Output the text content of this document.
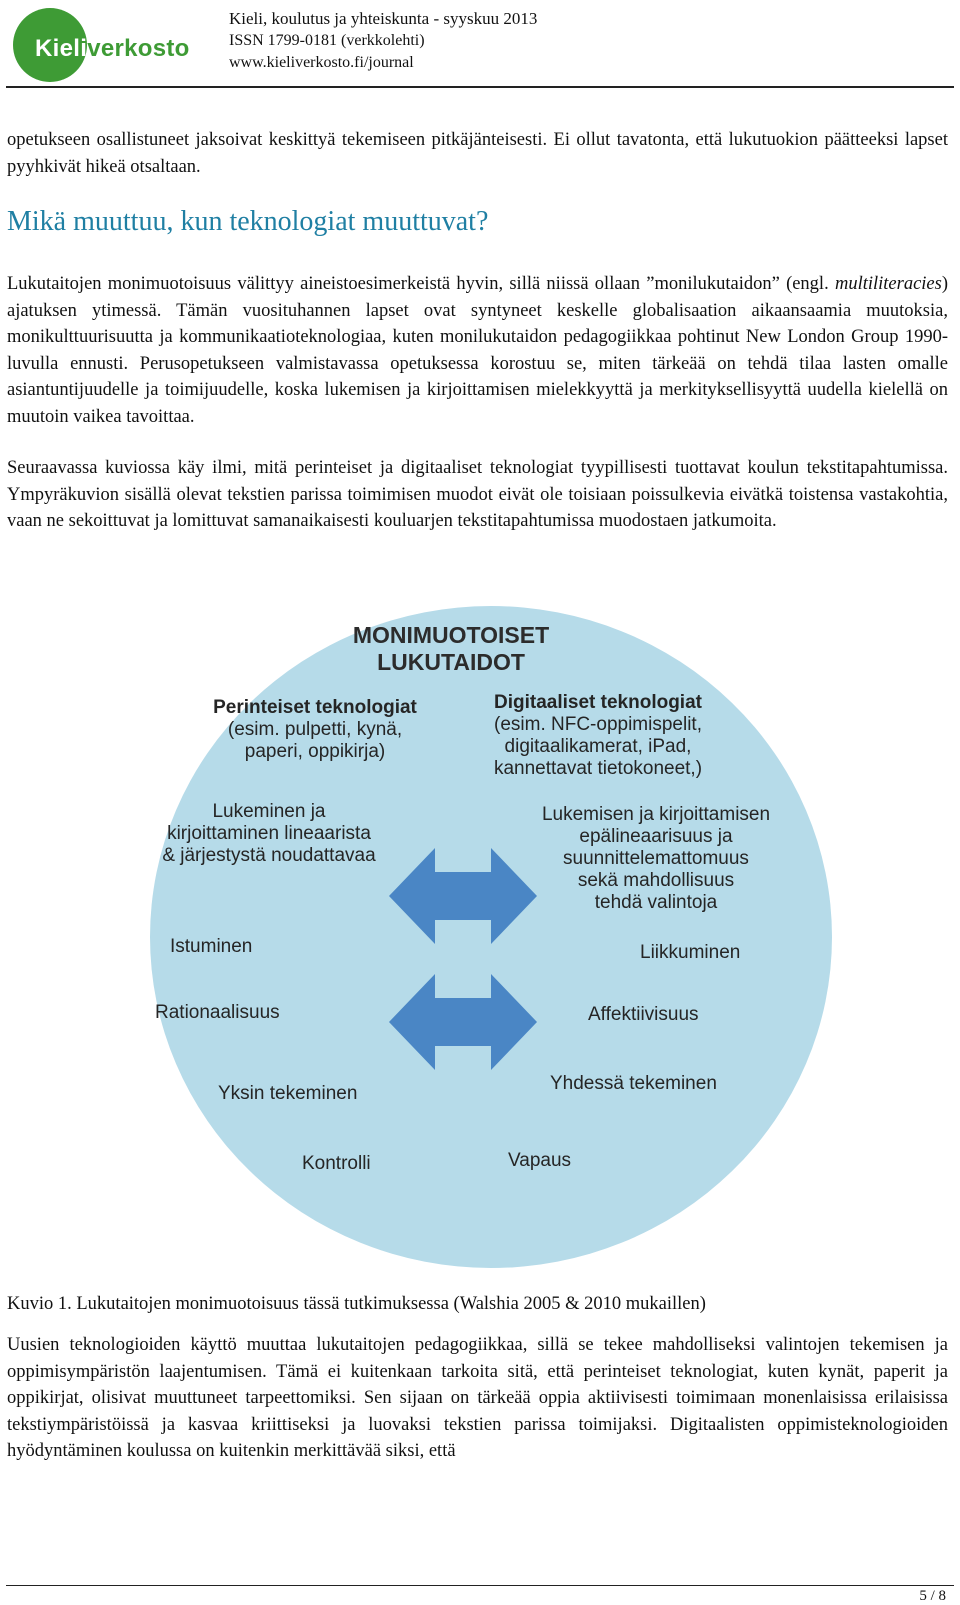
Kieliverkosto
Kieli, koulutus ja yhteiskunta - syyskuu 2013
ISSN 1799-0181 (verkkolehti)
www.kieliverkosto.fi/journal

opetukseen osallistuneet jaksoivat keskittyä tekemiseen pitkäjänteisesti. Ei ollut tavatonta, että lukutuokion päätteeksi lapset pyyhkivät hikeä otsaltaan.

Mikä muuttuu, kun teknologiat muuttuvat?

Lukutaitojen monimuotoisuus välittyy aineistoesimerkeistä hyvin, sillä niissä ollaan ”monilukutaidon” (engl. multiliteracies) ajatuksen ytimessä. Tämän vuosituhannen lapset ovat syntyneet keskelle globalisaation aikaansaamia muutoksia, monikulttuurisuutta ja kommunikaatioteknologiaa, kuten monilukutaidon pedagogiikkaa pohtinut New London Group 1990-luvulla ennusti. Perusopetukseen valmistavassa opetuksessa korostuu se, miten tärkeää on tehdä tilaa lasten omalle asiantuntijuudelle ja toimijuudelle, koska lukemisen ja kirjoittamisen mielekkyyttä ja merkityksellisyyttä uudella kielellä on muutoin vaikea tavoittaa.

Seuraavassa kuviossa käy ilmi, mitä perinteiset ja digitaaliset teknologiat tyypillisesti tuottavat koulun tekstitapahtumissa. Ympyräkuvion sisällä olevat tekstien parissa toimimisen muodot eivät ole toisiaan poissulkevia eivätkä toistensa vastakohtia, vaan ne sekoittuvat ja lomittuvat samanaikaisesti kouluarjen tekstitapahtumissa muodostaen jatkumoita.

MONIMUOTOISET
LUKUTAIDOT
Perinteiset teknologiat
(esim. pulpetti, kynä,
paperi, oppikirja)
Digitaaliset teknologiat
(esim. NFC-oppimispelit,
digitaalikamerat, iPad,
kannettavat tietokoneet,)
Lukeminen ja
kirjoittaminen lineaarista
& järjestystä noudattavaa
Lukemisen ja kirjoittamisen
epälineaarisuus ja
suunnittelemattomuus
sekä mahdollisuus
tehdä valintoja
Istuminen	Liikkuminen
Rationaalisuus	Affektiivisuus
Yksin tekeminen	Yhdessä tekeminen
Kontrolli	Vapaus
Kuvio 1. Lukutaitojen monimuotoisuus tässä tutkimuksessa (Walshia 2005 & 2010 mukaillen)

Uusien teknologioiden käyttö muuttaa lukutaitojen pedagogiikkaa, sillä se tekee mahdolliseksi valintojen tekemisen ja oppimisympäristön laajentumisen. Tämä ei kuitenkaan tarkoita sitä, että perinteiset teknologiat, kuten kynät, paperit ja oppikirjat, olisivat muuttuneet tarpeettomiksi. Sen sijaan on tärkeää oppia aktiivisesti toimimaan monenlaisissa erilaisissa tekstiympäristöissä ja kasvaa kriittiseksi ja luovaksi tekstien parissa toimijaksi. Digitaalisten oppimisteknologioiden hyödyntäminen koulussa on kuitenkin merkittävää siksi, että

5 / 8
